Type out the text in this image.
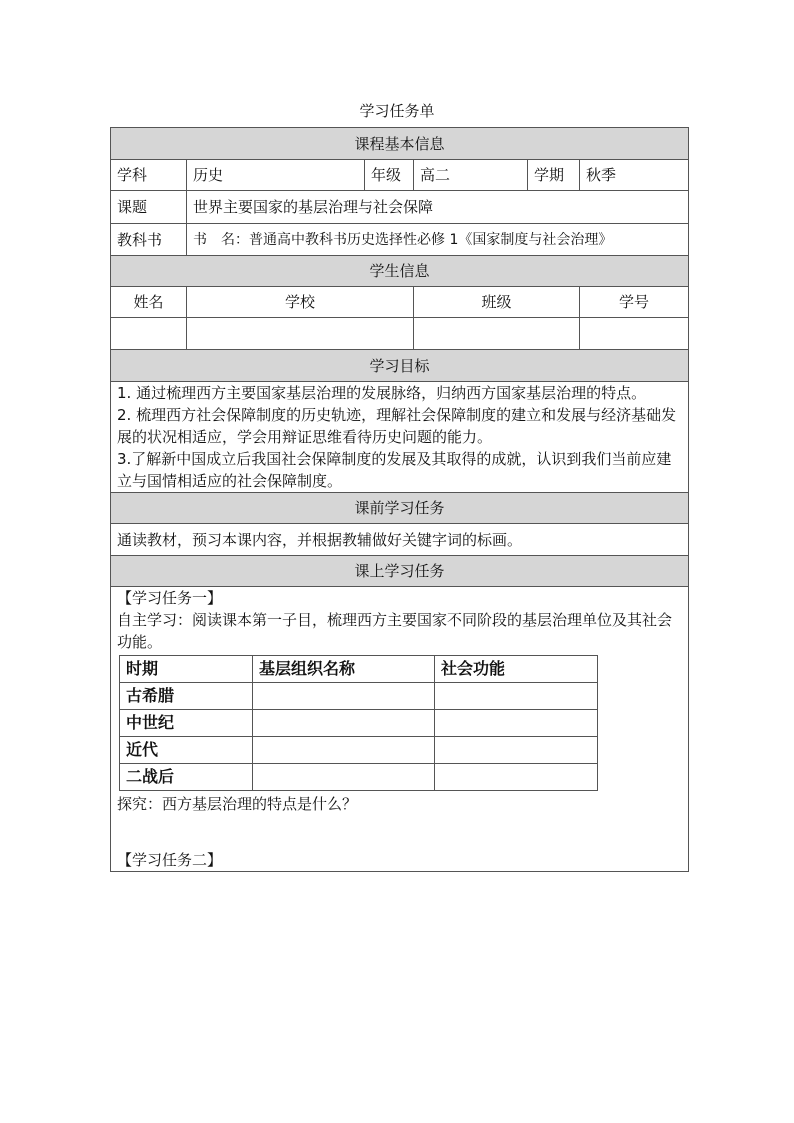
学习任务单
课程基本信息
学科	历史	年级	高二	学期	秋季
课题	世界主要国家的基层治理与社会保障
教科书	书　名：普通高中教科书历史选择性必修 1《国家制度与社会治理》
学生信息
姓名	学校	班级	学号

学习目标

1. 通过梳理西方主要国家基层治理的发展脉络，归纳西方国家基层治理的特点。
2. 梳理西方社会保障制度的历史轨迹，理解社会保障制度的建立和发展与经济基础发展的状况相适应，学会用辩证思维看待历史问题的能力。
3.了解新中国成立后我国社会保障制度的发展及其取得的成就，认识到我们当前应建立与国情相适应的社会保障制度。

课前学习任务
通读教材，预习本课内容，并根据教辅做好关键字词的标画。
课上学习任务

【学习任务一】
自主学习：阅读课本第一子目，梳理西方主要国家不同阶段的基层治理单位及其社会功能。
时期	基层组织名称	社会功能
古希腊		
中世纪		
近代		
二战后		
探究：西方基层治理的特点是什么？
【学习任务二】
